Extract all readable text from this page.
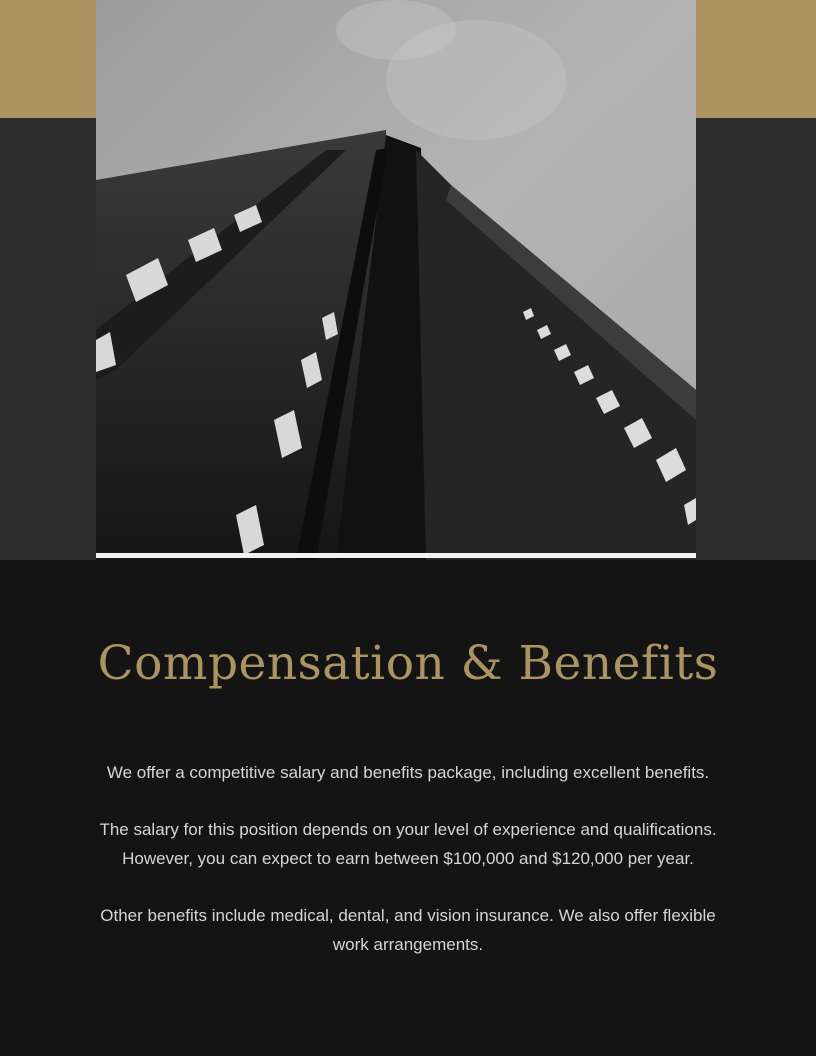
Compensation & Benefits

We offer a competitive salary and benefits package, including excellent benefits.

The salary for this position depends on your level of experience and qualifications. However, you can expect to earn between $100,000 and $120,000 per year.

Other benefits include medical, dental, and vision insurance. We also offer flexible work arrangements.
